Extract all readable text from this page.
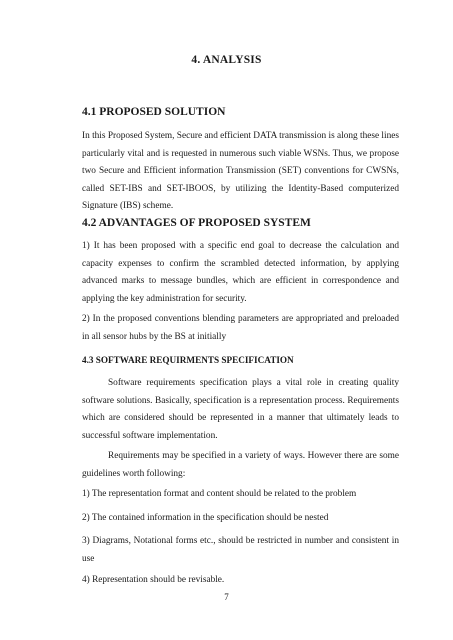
4. ANALYSIS
4.1 PROPOSED SOLUTION
In this Proposed System, Secure and efficient DATA transmission is along these lines particularly vital and is requested in numerous such viable WSNs. Thus, we propose two Secure and Efficient information Transmission (SET) conventions for CWSNs, called SET-IBS and SET-IBOOS, by utilizing the Identity-Based computerized Signature (IBS) scheme.
4.2 ADVANTAGES OF PROPOSED SYSTEM
1) It has been proposed with a specific end goal to decrease the calculation and capacity expenses to confirm the scrambled detected information, by applying advanced marks to message bundles, which are efficient in correspondence and applying the key administration for security.
2) In the proposed conventions blending parameters are appropriated and preloaded in all sensor hubs by the BS at initially
4.3 SOFTWARE REQUIRMENTS SPECIFICATION
Software requirements specification plays a vital role in creating quality software solutions. Basically, specification is a representation process. Requirements which are considered should be represented in a manner that ultimately leads to successful software implementation.
Requirements may be specified in a variety of ways. However there are some guidelines worth following:
1) The representation format and content should be related to the problem
2) The contained information in the specification should be nested
3) Diagrams, Notational forms etc., should be restricted in number and consistent in use
4) Representation should be revisable.
7
